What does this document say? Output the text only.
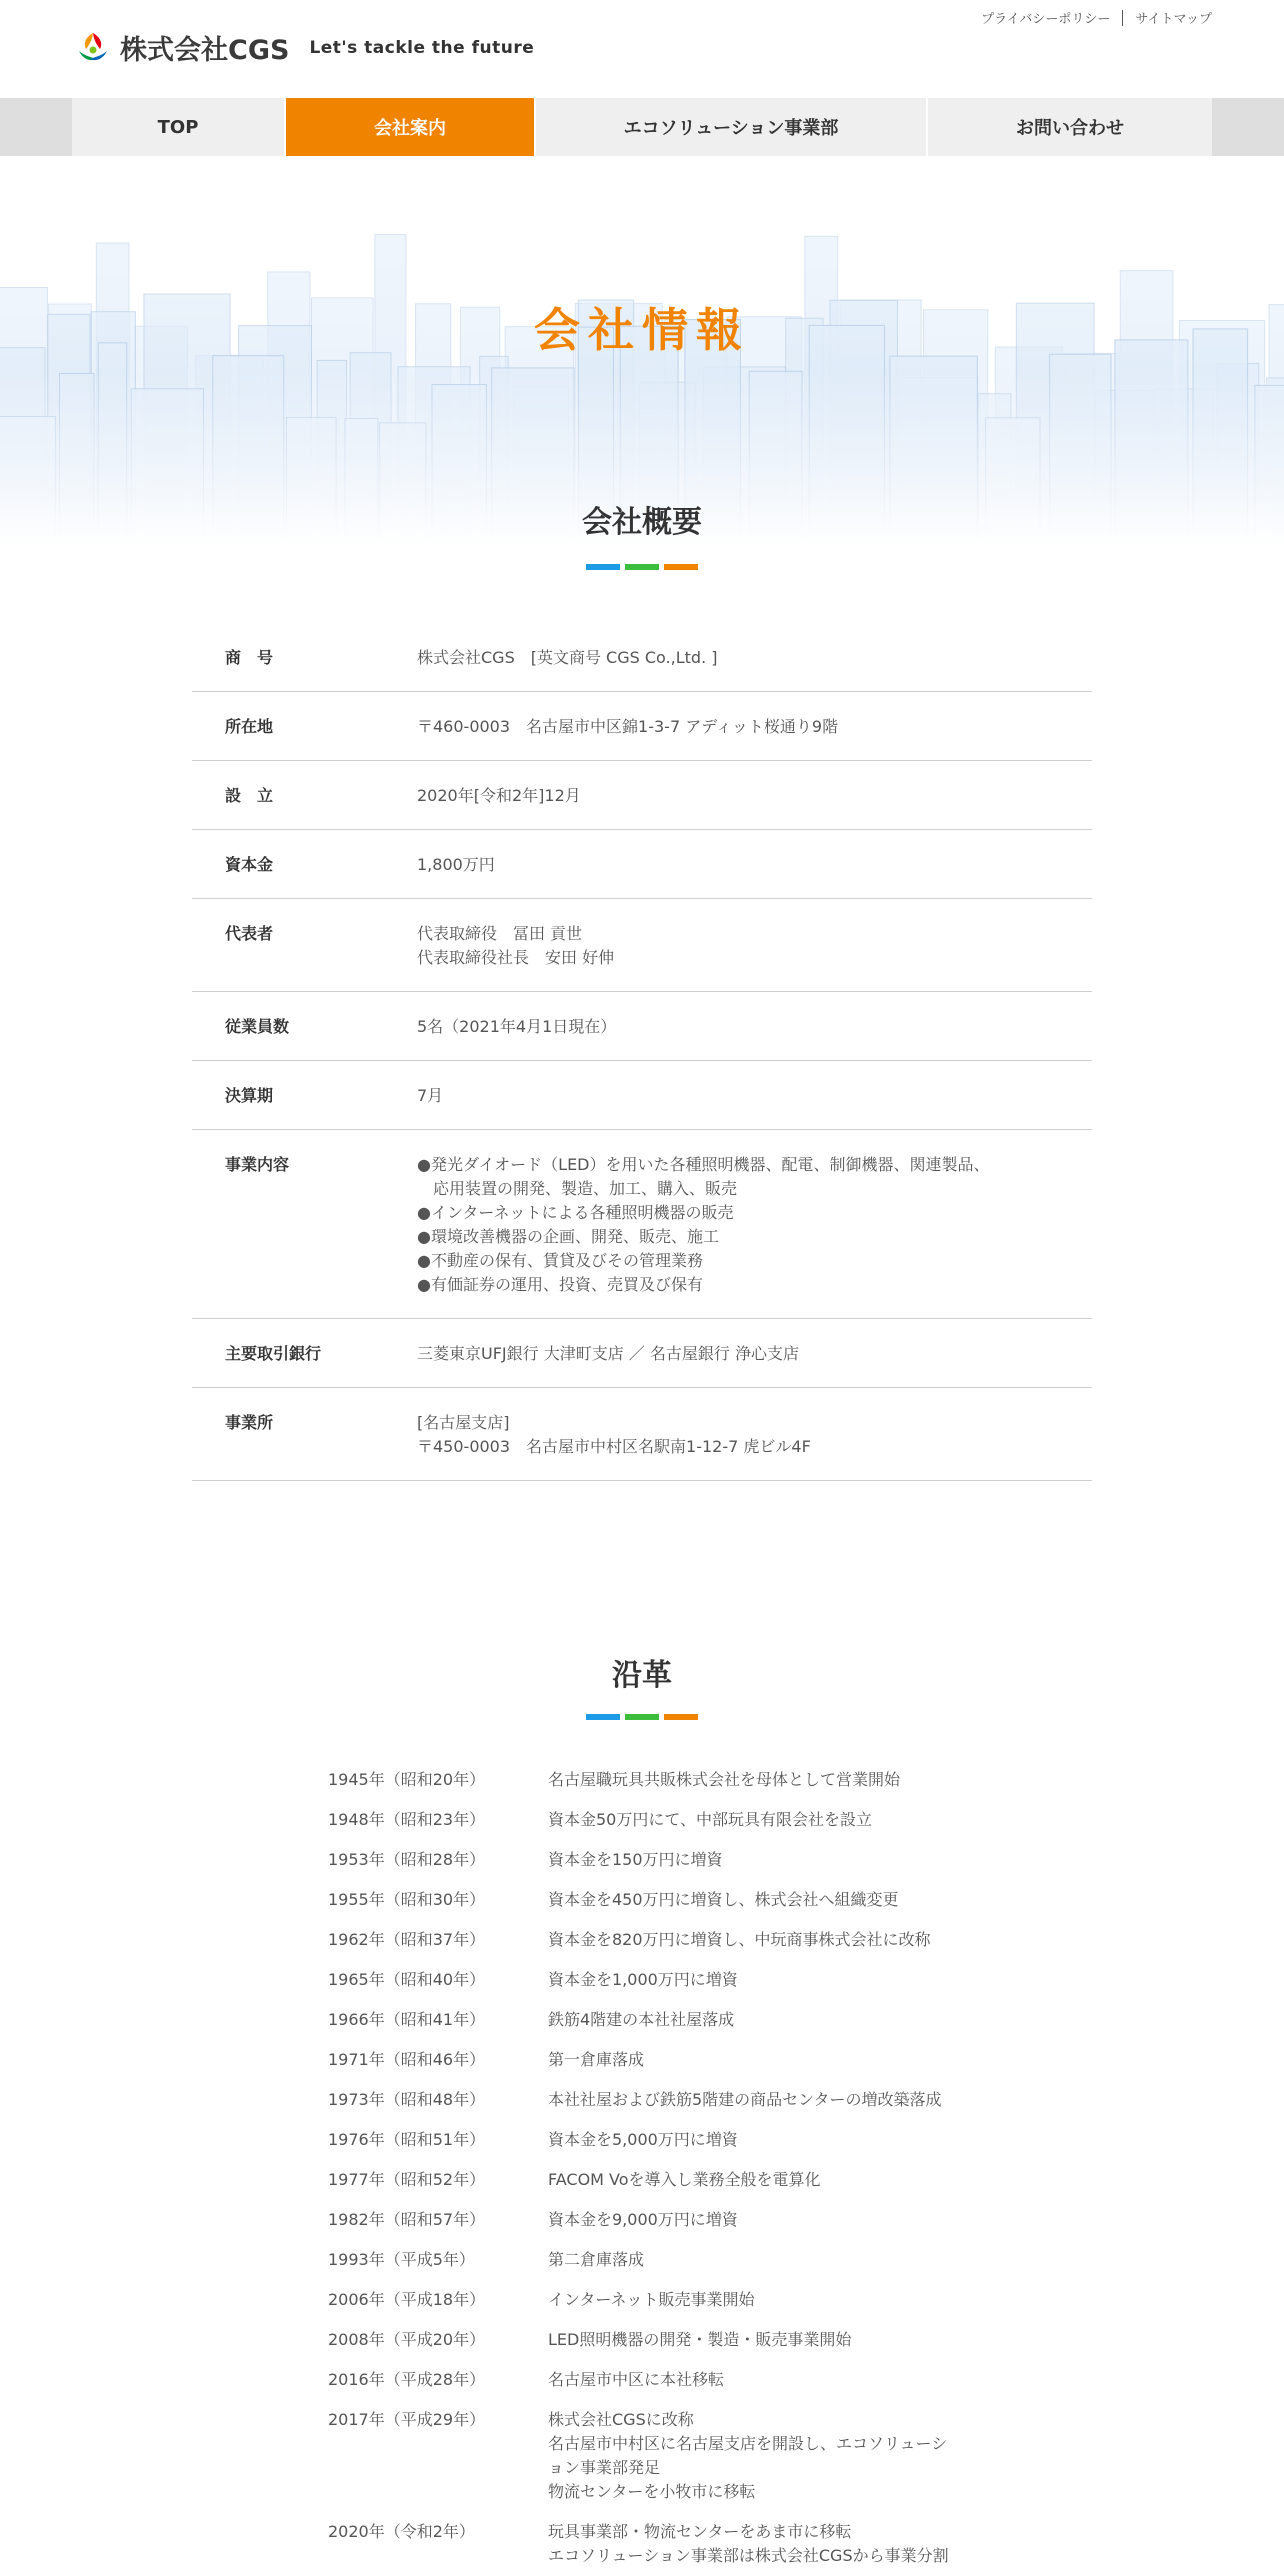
株式会社CGS Let's tackle the future
プライバシーポリシー サイトマップ
TOP	会社案内	エコソリューション事業部	お問い合わせ
会社情報
会社概要
商　号	株式会社CGS　[英文商号 CGS Co.,Ltd. ]
所在地	〒460-0003　名古屋市中区錦1-3-7 アディット桜通り9階
設　立	2020年[令和2年]12月
資本金	1,800万円
代表者	代表取締役　冨田 貢世
代表取締役社長　安田 好伸
従業員数	5名（2021年4月1日現在）
決算期	7月
事業内容	●発光ダイオード（LED）を用いた各種照明機器、配電、制御機器、関連製品、
　応用装置の開発、製造、加工、購入、販売
●インターネットによる各種照明機器の販売
●環境改善機器の企画、開発、販売、施工
●不動産の保有、賃貸及びその管理業務
●有価証券の運用、投資、売買及び保有
主要取引銀行	三菱東京UFJ銀行 大津町支店 ／ 名古屋銀行 浄心支店
事業所	[名古屋支店]
〒450-0003　名古屋市中村区名駅南1-12-7 虎ビル4F
沿革
1945年（昭和20年）	名古屋職玩具共販株式会社を母体として営業開始
1948年（昭和23年）	資本金50万円にて、中部玩具有限会社を設立
1953年（昭和28年）	資本金を150万円に増資
1955年（昭和30年）	資本金を450万円に増資し、株式会社へ組織変更
1962年（昭和37年）	資本金を820万円に増資し、中玩商事株式会社に改称
1965年（昭和40年）	資本金を1,000万円に増資
1966年（昭和41年）	鉄筋4階建の本社社屋落成
1971年（昭和46年）	第一倉庫落成
1973年（昭和48年）	本社社屋および鉄筋5階建の商品センターの増改築落成
1976年（昭和51年）	資本金を5,000万円に増資
1977年（昭和52年）	FACOM Voを導入し業務全般を電算化
1982年（昭和57年）	資本金を9,000万円に増資
1993年（平成5年）	第二倉庫落成
2006年（平成18年）	インターネット販売事業開始
2008年（平成20年）	LED照明機器の開発・製造・販売事業開始
2016年（平成28年）	名古屋市中区に本社移転
2017年（平成29年）	株式会社CGSに改称
名古屋市中村区に名古屋支店を開設し、エコソリューシ
ョン事業部発足
物流センターを小牧市に移転
2020年（令和2年）	玩具事業部・物流センターをあま市に移転
エコソリューション事業部は株式会社CGSから事業分割
